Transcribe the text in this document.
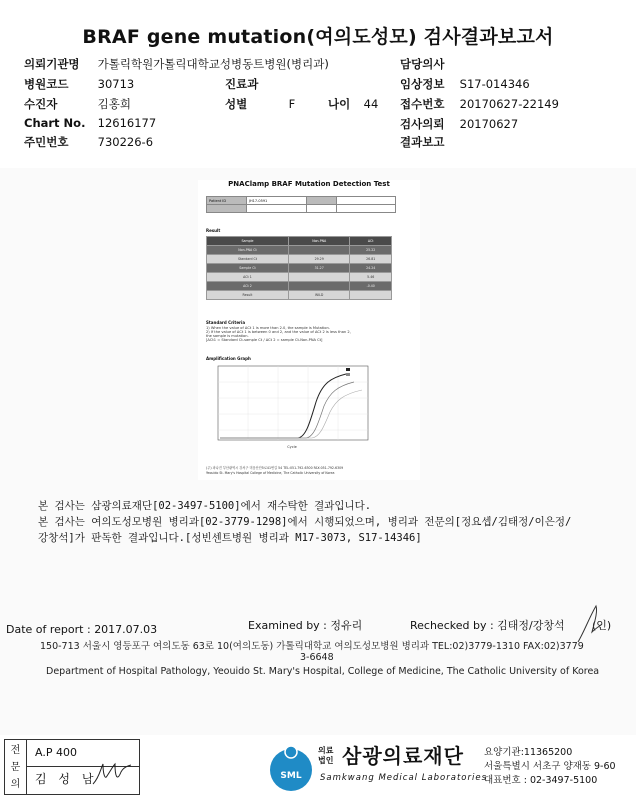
BRAF gene mutation(여의도성모) 검사결과보고서
의뢰기관명 가톨릭학원가톨릭대학교성병동트병원(병리과)	담당의사
병원코드	30713	진료과	임상정보 S17-014346
수진자	김홍희	성별	F	나이 44 접수번호 20170627-22149
Chart No. 12616177	검사의뢰 20170627
주민번호	730226-6	결과보고
PNAClamp BRAF Mutation Detection Test
Patient ID	JH17-0591		

Result
Sample	Non-PNA	ΔCt
Non-PNA Ct		25.22
Standard Ct	29.29	26.81
Sample Ct	31.27	24.24
ΔCt 1		5.46
ΔCt 2		-0.40
Result	WILD	
Standard Criteria
1) When the value of ΔCt 1 is more than 2.0, the sample is Mutation.
2) If the value of ΔCt 1 is between 0 and 2, and the value of ΔCt 2 is less than 2,
the sample is mutation.
[ΔCt1 = Standard Ct-sample Ct / ΔCt 2 = sample Ct-Non-PNA Ct]
Amplification Graph
Cycle
(주) 파나진 부산광역시 강서구 미음산단5로41번길 54 TEL:051-792-6300 FAX:051-792-6309
Yeouido St. Mary's Hospital College of Medicine, The Catholic University of Korea
본 검사는 삼광의료재단[02-3497-5100]에서 재수탁한 결과입니다.
본 검사는 여의도성모병원 병리과[02-3779-1298]에서 시행되었으며, 병리과 전문의[정요셉/김태정/이은정/
강창석]가 판독한 결과입니다.[성빈센트병원 병리과 M17-3073, S17-14346]
Date of report : 2017.07.03	Examined by : 정유리	Rechecked by : 김태정/강창석 (인)
150-713 서울시 영등포구 여의도동 63로 10(여의도동) 가톨릭대학교 여의도성모병원 병리과 TEL:02)3779-1310 FAX:02)3779
3-6648
Department of Hospital Pathology, Yeouido St. Mary's Hospital, College of Medicine, The Catholic University of Korea
전
문
의
A.P 400
김 성 남	SML
의료
법인 삼광의료재단
Samkwang Medical Laboratories
요양기관:11365200
서울특별시 서초구 양재동 9-60
대표번호 : 02-3497-5100
